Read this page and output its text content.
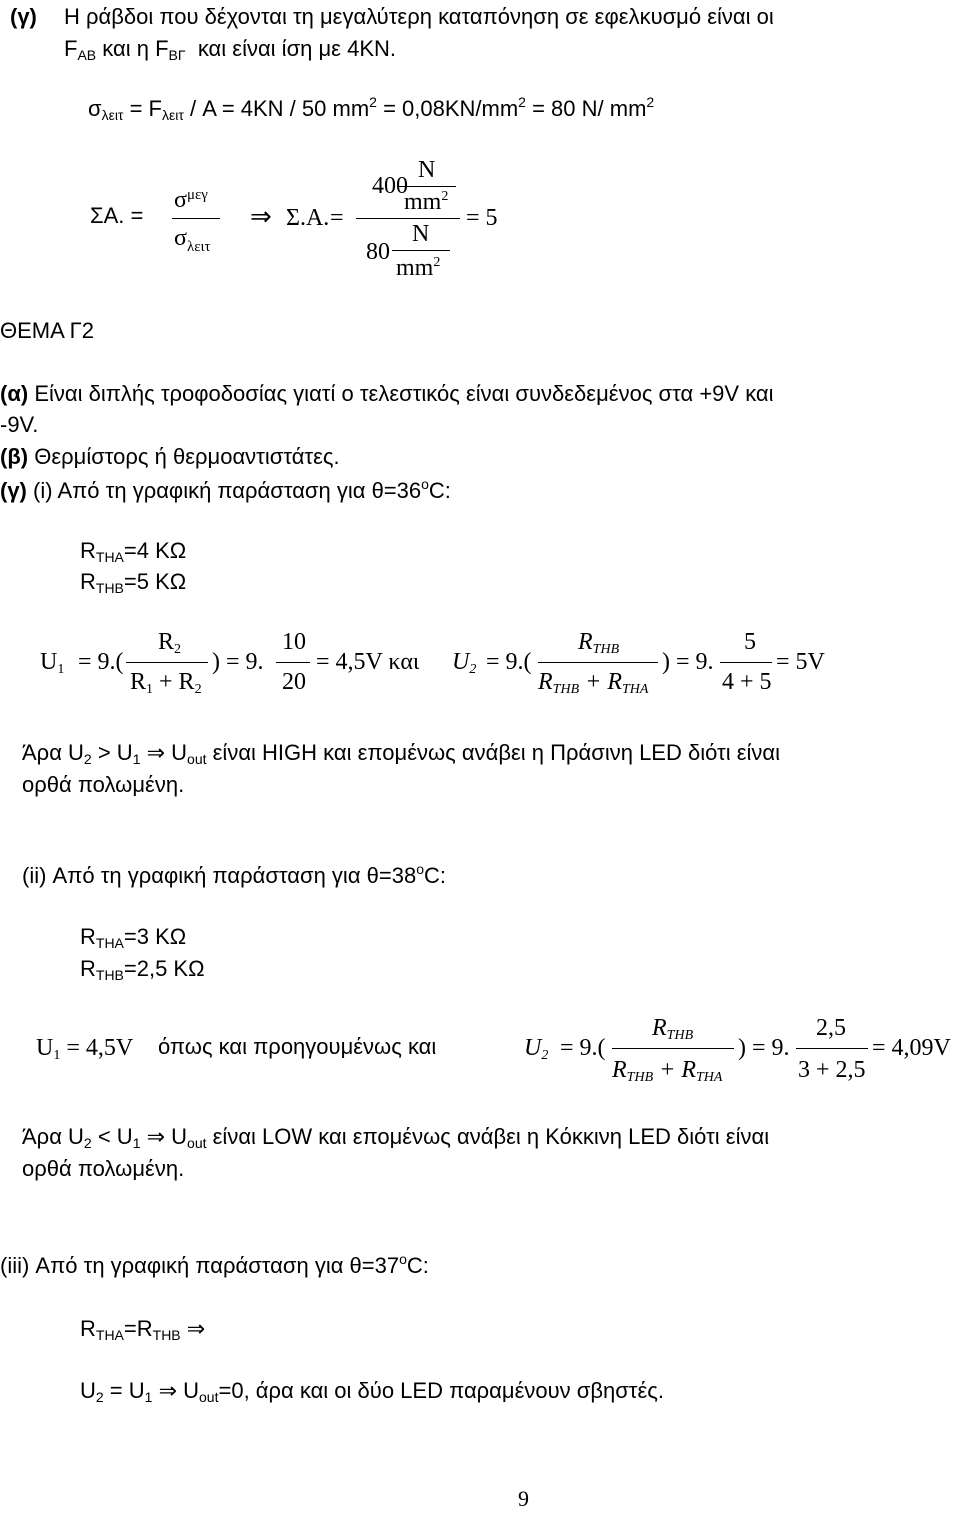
(γ) Η ράβδοι που δέχονται τη μεγαλύτερη καταπόνηση σε εφελκυσμό είναι οι
$F_{AB}$ και η $F_{B\Gamma}$ και είναι ίση με 4ΚΝ.
$\sigma_{\lambda\varepsilon\iota\tau} = F_{\lambda\varepsilon\iota\tau} / A = 4KN / 50$ $mm^2 = 0,08KN/mm^2 = 80$ N/ $mm^2$
ΣΑ. =
$\sigma_{\mu\varepsilon\gamma}$
$\sigma_{\lambda\varepsilon\iota\tau}$
⇒ Σ.Α. =
400
N
$mm^2$
80
N
$mm^2$
= 5
ΘΕΜΑ Γ2
(α) Είναι διπλής τροφοδοσίας γιατί ο τελεστικός είναι συνδεδεμένος στα +9V και
-9V.
(β) Θερμίστορς ή θερμοαντιστάτες.
(γ) (i) Από τη γραφική παράσταση για $\theta=36^oC$:
$R_{THA}=4$ ΚΩ
$R_{THB}=5$ ΚΩ
$U_1 = 9$.(
$R_2$
$R_1 + R_2$
) = 9.
10
20
= 4,5V και $U_2 = 9$.(
$R_{THB}$
$R_{THB} + R_{THA}$
) = 9.
5
4 + 5
= 5V
Άρα $U_2 > U_1$ ⇒ $U_{out}$ είναι HIGH και επομένως ανάβει η Πράσινη LED διότι είναι
ορθά πολωμένη.
(ii) Από τη γραφική παράσταση για $\theta=38^oC$:
$R_{THA}=3$ ΚΩ
$R_{THB}=2,5$ ΚΩ
$U_1 = 4,5V$ όπως και προηγουμένως και	$U_2 = 9$.(
$R_{THB}$
$R_{THB} + R_{THA}$
) = 9.
2,5
3 + 2,5
= 4,09V
Άρα $U_2 < U_1$ ⇒ $U_{out}$ είναι LOW και επομένως ανάβει η Κόκκινη LED διότι είναι
ορθά πολωμένη.
(iii) Από τη γραφική παράσταση για $\theta=37^oC$:
$R_{THA}=R_{THB}$ ⇒
$U_2 = U_1$ ⇒ $U_{out}=0$, άρα και οι δύο LED παραμένουν σβηστές.
9
